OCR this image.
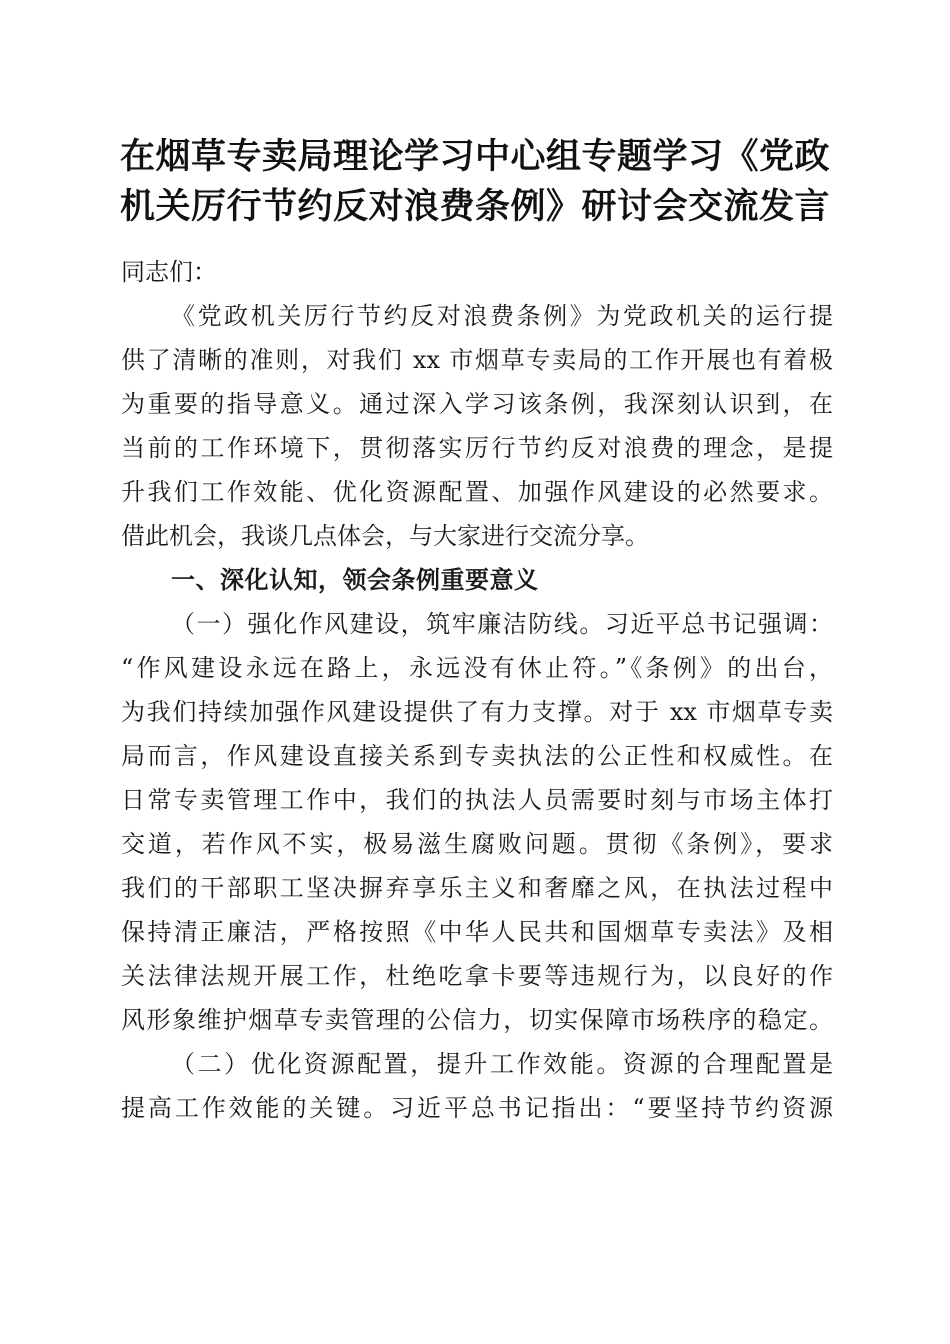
在烟草专卖局理论学习中心组专题学习《党政
机关厉行节约反对浪费条例》研讨会交流发言
同志们：
《党政机关厉行节约反对浪费条例》为党政机关的运行提
供了清晰的准则，对我们 xx 市烟草专卖局的工作开展也有着极
为重要的指导意义。通过深入学习该条例，我深刻认识到，在
当前的工作环境下，贯彻落实厉行节约反对浪费的理念，是提
升我们工作效能、优化资源配置、加强作风建设的必然要求。
借此机会，我谈几点体会，与大家进行交流分享。
一、深化认知，领会条例重要意义
（一）强化作风建设，筑牢廉洁防线。习近平总书记强调：
“作风建设永远在路上，永远没有休止符。”《条例》的出台，
为我们持续加强作风建设提供了有力支撑。对于 xx 市烟草专卖
局而言，作风建设直接关系到专卖执法的公正性和权威性。在
日常专卖管理工作中，我们的执法人员需要时刻与市场主体打
交道，若作风不实，极易滋生腐败问题。贯彻《条例》，要求
我们的干部职工坚决摒弃享乐主义和奢靡之风，在执法过程中
保持清正廉洁，严格按照《中华人民共和国烟草专卖法》及相
关法律法规开展工作，杜绝吃拿卡要等违规行为，以良好的作
风形象维护烟草专卖管理的公信力，切实保障市场秩序的稳定。
（二）优化资源配置，提升工作效能。资源的合理配置是
提高工作效能的关键。习近平总书记指出：“要坚持节约资源
